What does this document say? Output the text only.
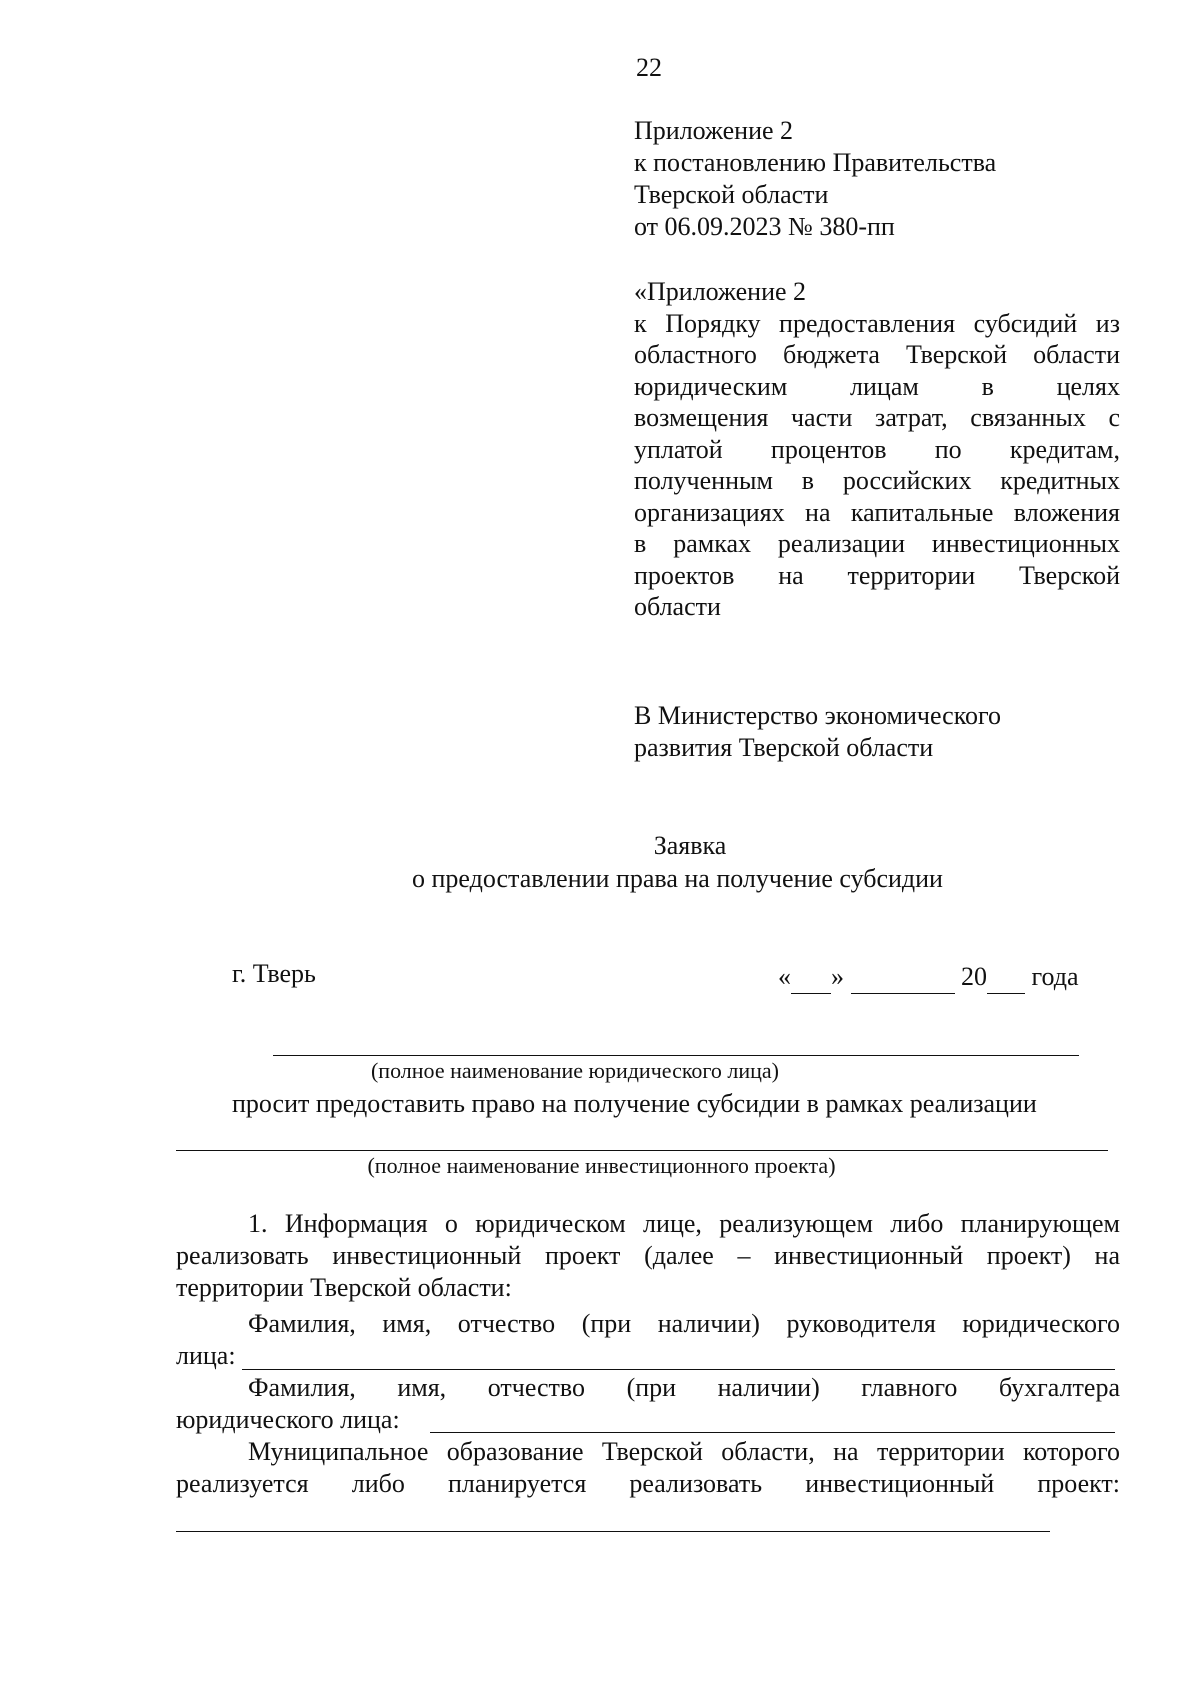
22
Приложение 2
к постановлению Правительства
Тверской области
от 06.09.2023 № 380-пп
«Приложение 2
к Порядку предоставления субсидий из
областного бюджета Тверской области
юридическим лицам в целях
возмещения части затрат, связанных с
уплатой процентов по кредитам,
полученным в российских кредитных
организациях на капитальные вложения
в рамках реализации инвестиционных
проектов на территории Тверской
области
В Министерство экономического
развития Тверской области
Заявка
о предоставлении права на получение субсидии
г. Тверь	« »	20 года
(полное наименование юридического лица)
просит предоставить право на получение субсидии в рамках реализации
(полное наименование инвестиционного проекта)
1. Информация о юридическом лице, реализующем либо планирующем
реализовать инвестиционный проект (далее – инвестиционный проект) на
территории Тверской области:
Фамилия, имя, отчество (при наличии) руководителя юридического
лица:
Фамилия, имя, отчество (при наличии) главного бухгалтера
юридического лица:
Муниципальное образование Тверской области, на территории которого
реализуется либо планируется реализовать инвестиционный проект:
